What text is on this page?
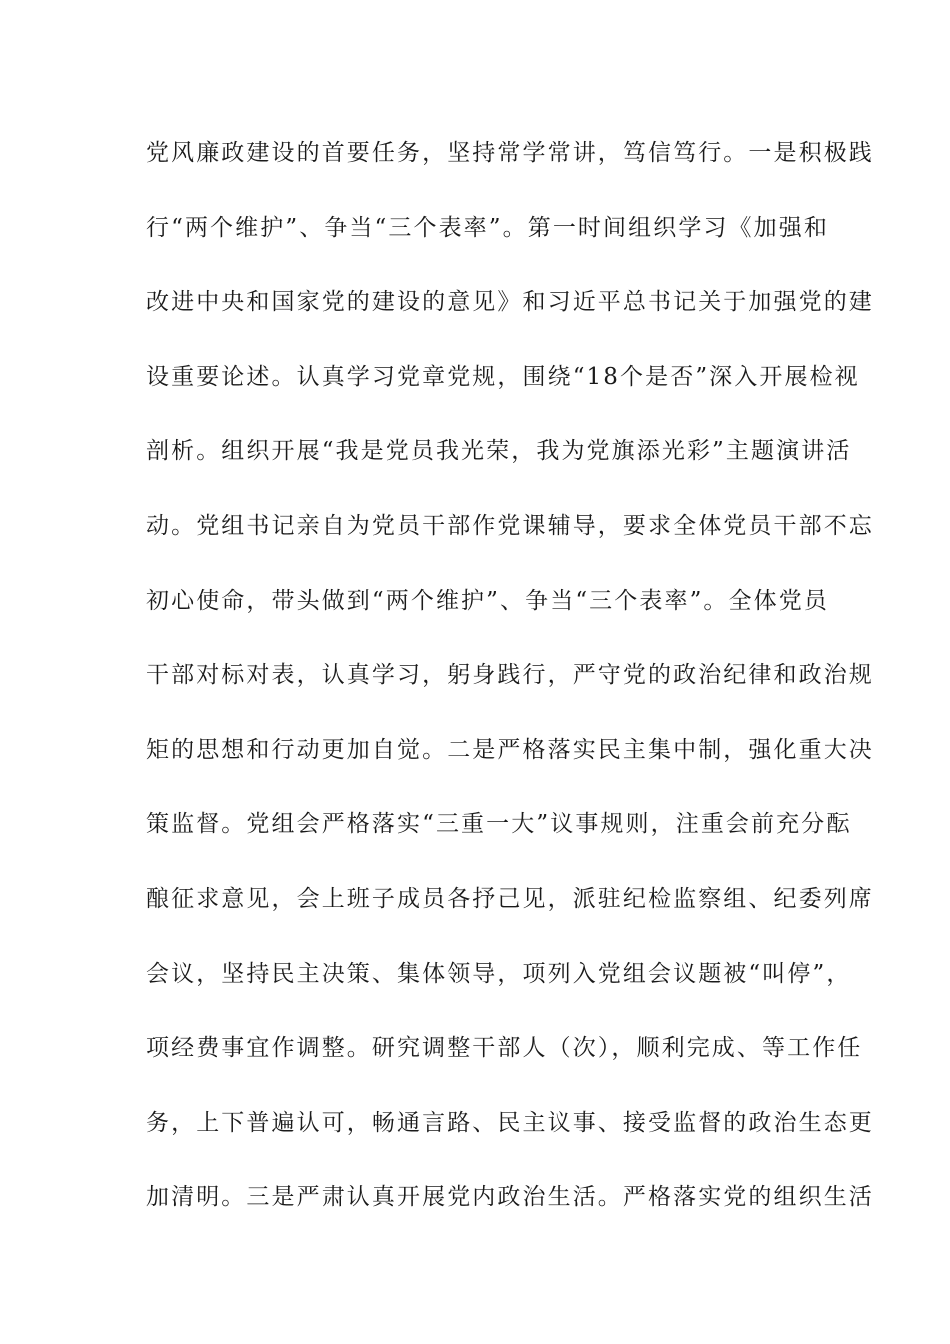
党风廉政建设的首要任务，坚持常学常讲，笃信笃行。一是积极践
行“两个维护”、争当“三个表率”。第一时间组织学习《加强和
改进中央和国家党的建设的意见》和习近平总书记关于加强党的建
设重要论述。认真学习党章党规，围绕“18个是否”深入开展检视
剖析。组织开展“我是党员我光荣，我为党旗添光彩”主题演讲活
动。党组书记亲自为党员干部作党课辅导，要求全体党员干部不忘
初心使命，带头做到“两个维护”、争当“三个表率”。全体党员
干部对标对表，认真学习，躬身践行，严守党的政治纪律和政治规
矩的思想和行动更加自觉。二是严格落实民主集中制，强化重大决
策监督。党组会严格落实“三重一大”议事规则，注重会前充分酝
酿征求意见，会上班子成员各抒己见，派驻纪检监察组、纪委列席
会议，坚持民主决策、集体领导，项列入党组会议题被“叫停”，
项经费事宜作调整。研究调整干部人（次），顺利完成、等工作任
务，上下普遍认可，畅通言路、民主议事、接受监督的政治生态更
加清明。三是严肃认真开展党内政治生活。严格落实党的组织生活
